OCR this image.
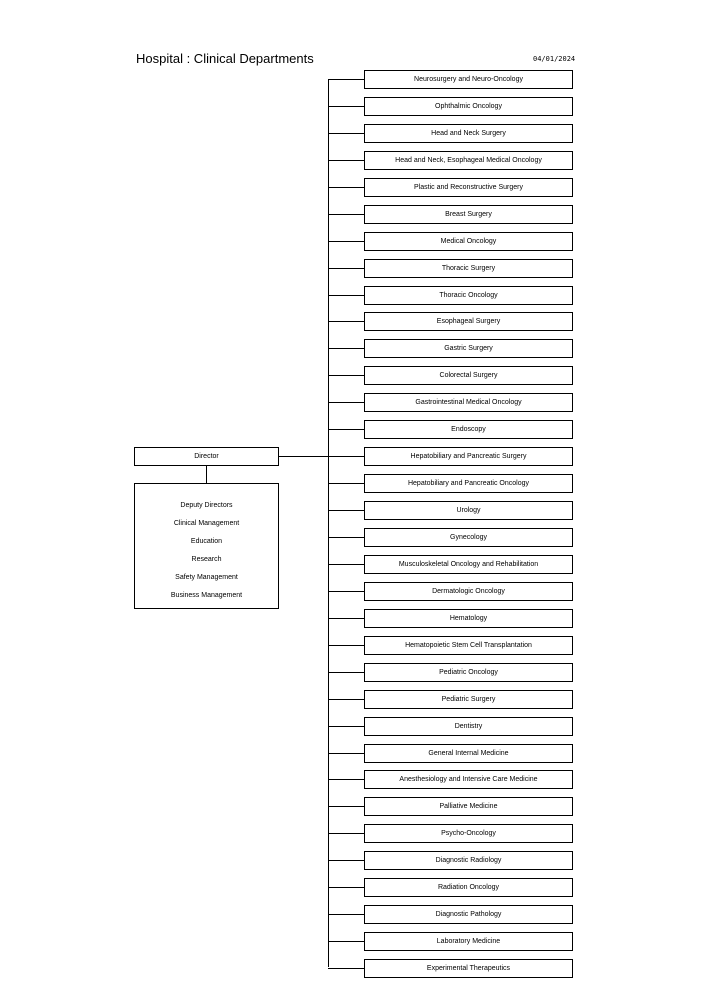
Hospital : Clinical Departments	04/01/2024
Director
Deputy Directors
Clinical Management
Education
Research
Safety Management
Business Management
Neurosurgery and Neuro-Oncology
Ophthalmic Oncology
Head and Neck Surgery
Head and Neck, Esophageal Medical Oncology
Plastic and Reconstructive Surgery
Breast Surgery
Medical Oncology
Thoracic Surgery
Thoracic Oncology
Esophageal Surgery
Gastric Surgery
Colorectal Surgery
Gastrointestinal Medical Oncology
Endoscopy
Hepatobiliary and Pancreatic Surgery
Hepatobiliary and Pancreatic Oncology
Urology
Gynecology
Musculoskeletal Oncology and Rehabilitation
Dermatologic Oncology
Hematology
Hematopoietic Stem Cell Transplantation
Pediatric Oncology
Pediatric Surgery
Dentistry
General Internal Medicine
Anesthesiology and Intensive Care Medicine
Palliative Medicine
Psycho-Oncology
Diagnostic Radiology
Radiation Oncology
Diagnostic Pathology
Laboratory Medicine
Experimental Therapeutics
